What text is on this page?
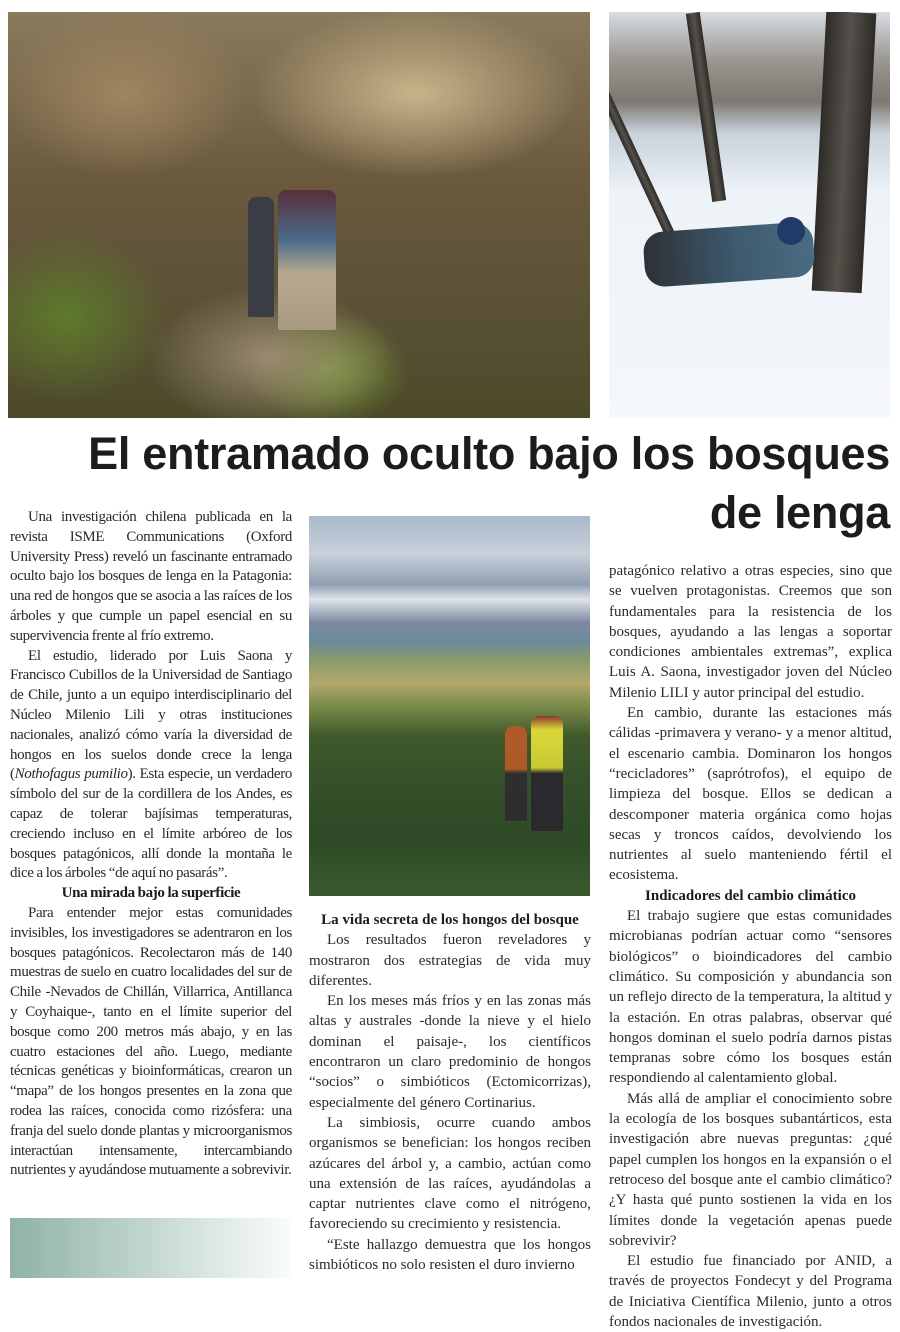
El entramado oculto bajo los bosques
de lenga

Una investigación chilena publicada en la revista ISME Communications (Oxford University Press) reveló un fascinante entramado oculto bajo los bosques de lenga en la Patagonia: una red de hongos que se asocia a las raíces de los árboles y que cumple un papel esencial en su supervivencia frente al frío extremo.

El estudio, liderado por Luis Saona y Francisco Cubillos de la Universidad de Santiago de Chile, junto a un equipo interdisciplinario del Núcleo Milenio Lili y otras instituciones nacionales, analizó cómo varía la diversidad de hongos en los suelos donde crece la lenga (Nothofagus pumilio). Esta especie, un verdadero símbolo del sur de la cordillera de los Andes, es capaz de tolerar bajísimas temperaturas, creciendo incluso en el límite arbóreo de los bosques patagónicos, allí donde la montaña le dice a los árboles “de aquí no pasarás”.

Una mirada bajo la superficie

Para entender mejor estas comunidades invisibles, los investigadores se adentraron en los bosques patagónicos. Recolectaron más de 140 muestras de suelo en cuatro localidades del sur de Chile -Nevados de Chillán, Villarrica, Antillanca y Coyhaique-, tanto en el límite superior del bosque como 200 metros más abajo, y en las cuatro estaciones del año. Luego, mediante técnicas genéticas y bioinformáticas, crearon un “mapa” de los hongos presentes en la zona que rodea las raíces, conocida como rizósfera: una franja del suelo donde plantas y microorganismos interactúan intensamente, intercambiando nutrientes y ayudándose mutuamente a sobrevivir.

La vida secreta de los hongos del bosque

Los resultados fueron reveladores y mostraron dos estrategias de vida muy diferentes.

En los meses más fríos y en las zonas más altas y australes -donde la nieve y el hielo dominan el paisaje-, los científicos encontraron un claro predominio de hongos “socios” o simbióticos (Ectomicorrizas), especialmente del género Cortinarius.

La simbiosis, ocurre cuando ambos organismos se benefician: los hongos reciben azúcares del árbol y, a cambio, actúan como una extensión de las raíces, ayudándolas a captar nutrientes clave como el nitrógeno, favoreciendo su crecimiento y resistencia.

“Este hallazgo demuestra que los hongos simbióticos no solo resisten el duro invierno

patagónico relativo a otras especies, sino que se vuelven protagonistas. Creemos que son fundamentales para la resistencia de los bosques, ayudando a las lengas a soportar condiciones ambientales extremas”, explica Luis A. Saona, investigador joven del Núcleo Milenio LILI y autor principal del estudio.

En cambio, durante las estaciones más cálidas -primavera y verano- y a menor altitud, el escenario cambia. Dominaron los hongos “recicladores” (saprótrofos), el equipo de limpieza del bosque. Ellos se dedican a descomponer materia orgánica como hojas secas y troncos caídos, devolviendo los nutrientes al suelo manteniendo fértil el ecosistema.

Indicadores del cambio climático

El trabajo sugiere que estas comunidades microbianas podrían actuar como “sensores biológicos” o bioindicadores del cambio climático. Su composición y abundancia son un reflejo directo de la temperatura, la altitud y la estación. En otras palabras, observar qué hongos dominan el suelo podría darnos pistas tempranas sobre cómo los bosques están respondiendo al calentamiento global.

Más allá de ampliar el conocimiento sobre la ecología de los bosques subantárticos, esta investigación abre nuevas preguntas: ¿qué papel cumplen los hongos en la expansión o el retroceso del bosque ante el cambio climático? ¿Y hasta qué punto sostienen la vida en los límites donde la vegetación apenas puede sobrevivir?

El estudio fue financiado por ANID, a través de proyectos Fondecyt y del Programa de Iniciativa Científica Milenio, junto a otros fondos nacionales de investigación.
